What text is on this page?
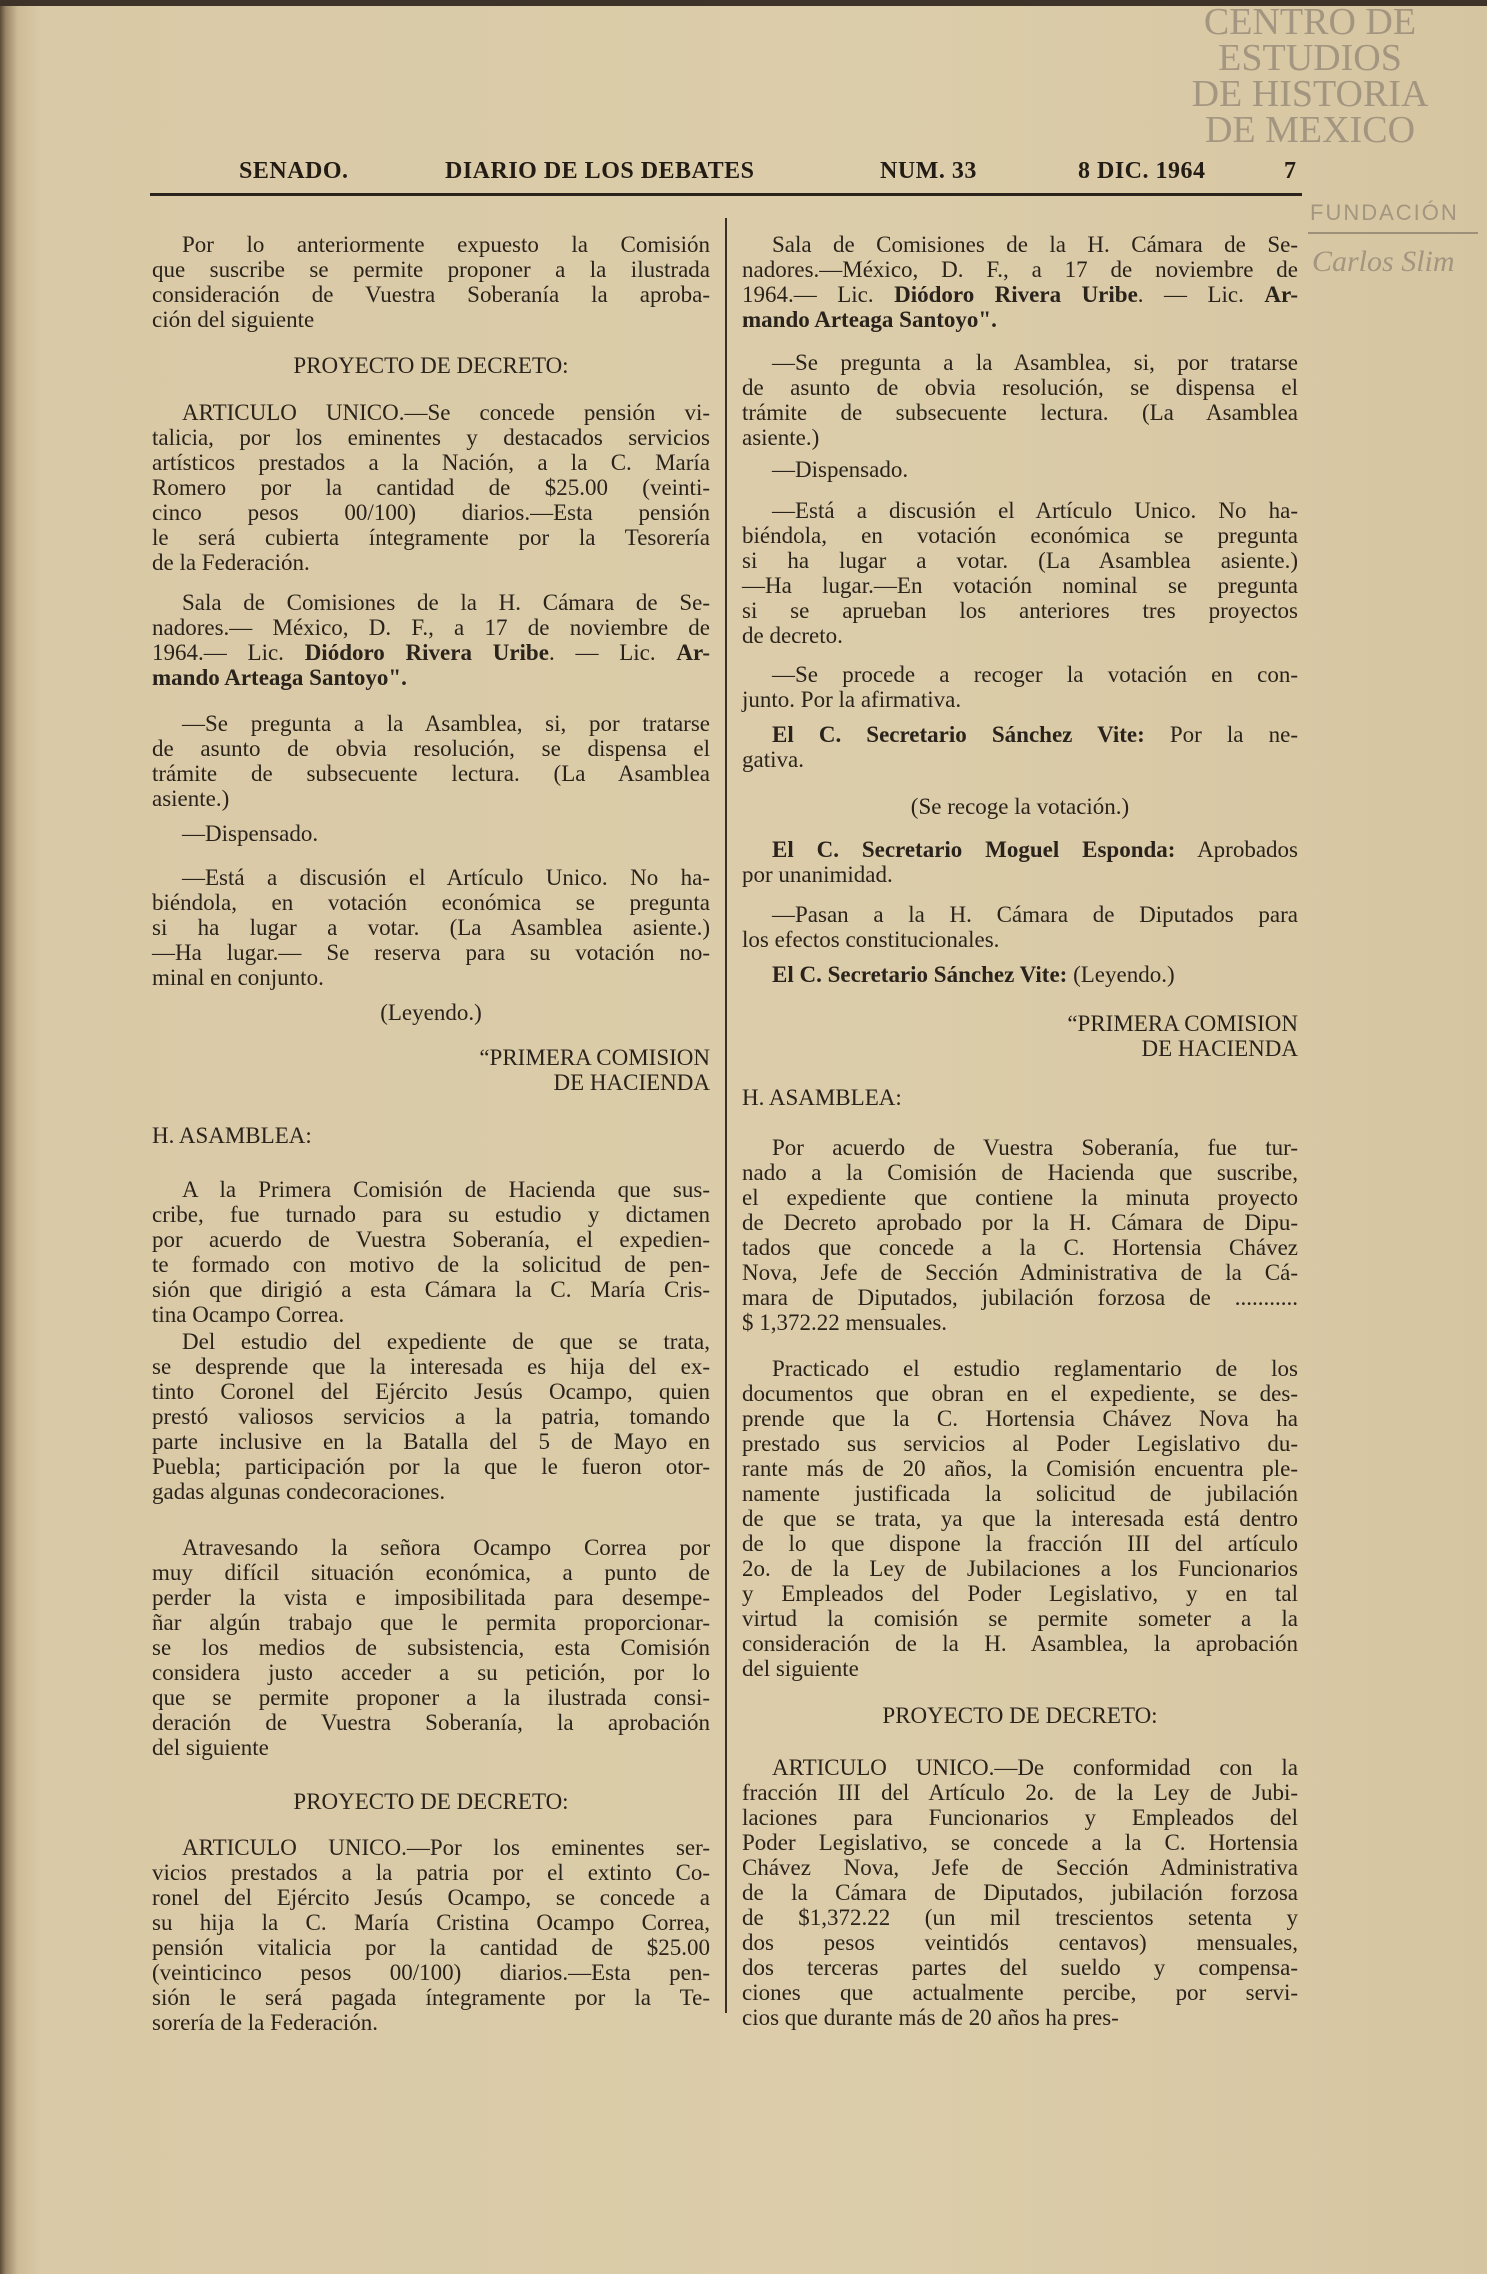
CENTRO DE
ESTUDIOS
DE HISTORIA
DE MEXICO
FUNDACIÓN
Carlos Slim
SENADO.	DIARIO DE LOS DEBATES	NUM. 33	8 DIC. 1964	7
Por lo anteriormente expuesto la Comisión
que suscribe se permite proponer a la ilustrada
consideración de Vuestra Soberanía la aproba-
ción del siguiente
PROYECTO DE DECRETO:
ARTICULO UNICO.—Se concede pensión vi-
talicia, por los eminentes y destacados servicios
artísticos prestados a la Nación, a la C. María
Romero por la cantidad de $25.00 (veinti-
cinco pesos 00/100) diarios.—Esta pensión
le será cubierta íntegramente por la Tesorería
de la Federación.
Sala de Comisiones de la H. Cámara de Se-
nadores.— México, D. F., a 17 de noviembre de
1964.— Lic. Diódoro Rivera Uribe. — Lic. Ar-
mando Arteaga Santoyo".
—Se pregunta a la Asamblea, si, por tratarse
de asunto de obvia resolución, se dispensa el
trámite de subsecuente lectura. (La Asamblea
asiente.)
—Dispensado.
—Está a discusión el Artículo Unico. No ha-
biéndola, en votación económica se pregunta
si ha lugar a votar. (La Asamblea asiente.)
—Ha lugar.— Se reserva para su votación no-
minal en conjunto.
(Leyendo.)
“PRIMERA COMISION
DE HACIENDA
H. ASAMBLEA:
A la Primera Comisión de Hacienda que sus-
cribe, fue turnado para su estudio y dictamen
por acuerdo de Vuestra Soberanía, el expedien-
te formado con motivo de la solicitud de pen-
sión que dirigió a esta Cámara la C. María Cris-
tina Ocampo Correa.
Del estudio del expediente de que se trata,
se desprende que la interesada es hija del ex-
tinto Coronel del Ejército Jesús Ocampo, quien
prestó valiosos servicios a la patria, tomando
parte inclusive en la Batalla del 5 de Mayo en
Puebla; participación por la que le fueron otor-
gadas algunas condecoraciones.
Atravesando la señora Ocampo Correa por
muy difícil situación económica, a punto de
perder la vista e imposibilitada para desempe-
ñar algún trabajo que le permita proporcionar-
se los medios de subsistencia, esta Comisión
considera justo acceder a su petición, por lo
que se permite proponer a la ilustrada consi-
deración de Vuestra Soberanía, la aprobación
del siguiente
PROYECTO DE DECRETO:
ARTICULO UNICO.—Por los eminentes ser-
vicios prestados a la patria por el extinto Co-
ronel del Ejército Jesús Ocampo, se concede a
su hija la C. María Cristina Ocampo Correa,
pensión vitalicia por la cantidad de $25.00
(veinticinco pesos 00/100) diarios.—Esta pen-
sión le será pagada íntegramente por la Te-
sorería de la Federación.
Sala de Comisiones de la H. Cámara de Se-
nadores.—México, D. F., a 17 de noviembre de
1964.— Lic. Diódoro Rivera Uribe. — Lic. Ar-
mando Arteaga Santoyo".
—Se pregunta a la Asamblea, si, por tratarse
de asunto de obvia resolución, se dispensa el
trámite de subsecuente lectura. (La Asamblea
asiente.)
—Dispensado.
—Está a discusión el Artículo Unico. No ha-
biéndola, en votación económica se pregunta
si ha lugar a votar. (La Asamblea asiente.)
—Ha lugar.—En votación nominal se pregunta
si se aprueban los anteriores tres proyectos
de decreto.
—Se procede a recoger la votación en con-
junto. Por la afirmativa.
El C. Secretario Sánchez Vite: Por la ne-
gativa.
(Se recoge la votación.)
El C. Secretario Moguel Esponda: Aprobados
por unanimidad.
—Pasan a la H. Cámara de Diputados para
los efectos constitucionales.
El C. Secretario Sánchez Vite: (Leyendo.)
“PRIMERA COMISION
DE HACIENDA
H. ASAMBLEA:
Por acuerdo de Vuestra Soberanía, fue tur-
nado a la Comisión de Hacienda que suscribe,
el expediente que contiene la minuta proyecto
de Decreto aprobado por la H. Cámara de Dipu-
tados que concede a la C. Hortensia Chávez
Nova, Jefe de Sección Administrativa de la Cá-
mara de Diputados, jubilación forzosa de ...........
$ 1,372.22 mensuales.
Practicado el estudio reglamentario de los
documentos que obran en el expediente, se des-
prende que la C. Hortensia Chávez Nova ha
prestado sus servicios al Poder Legislativo du-
rante más de 20 años, la Comisión encuentra ple-
namente justificada la solicitud de jubilación
de que se trata, ya que la interesada está dentro
de lo que dispone la fracción III del artículo
2o. de la Ley de Jubilaciones a los Funcionarios
y Empleados del Poder Legislativo, y en tal
virtud la comisión se permite someter a la
consideración de la H. Asamblea, la aprobación
del siguiente
PROYECTO DE DECRETO:
ARTICULO UNICO.—De conformidad con la
fracción III del Artículo 2o. de la Ley de Jubi-
laciones para Funcionarios y Empleados del
Poder Legislativo, se concede a la C. Hortensia
Chávez Nova, Jefe de Sección Administrativa
de la Cámara de Diputados, jubilación forzosa
de $1,372.22 (un mil trescientos setenta y
dos pesos veintidós centavos) mensuales,
dos terceras partes del sueldo y compensa-
ciones que actualmente percibe, por servi-
cios que durante más de 20 años ha pres-
